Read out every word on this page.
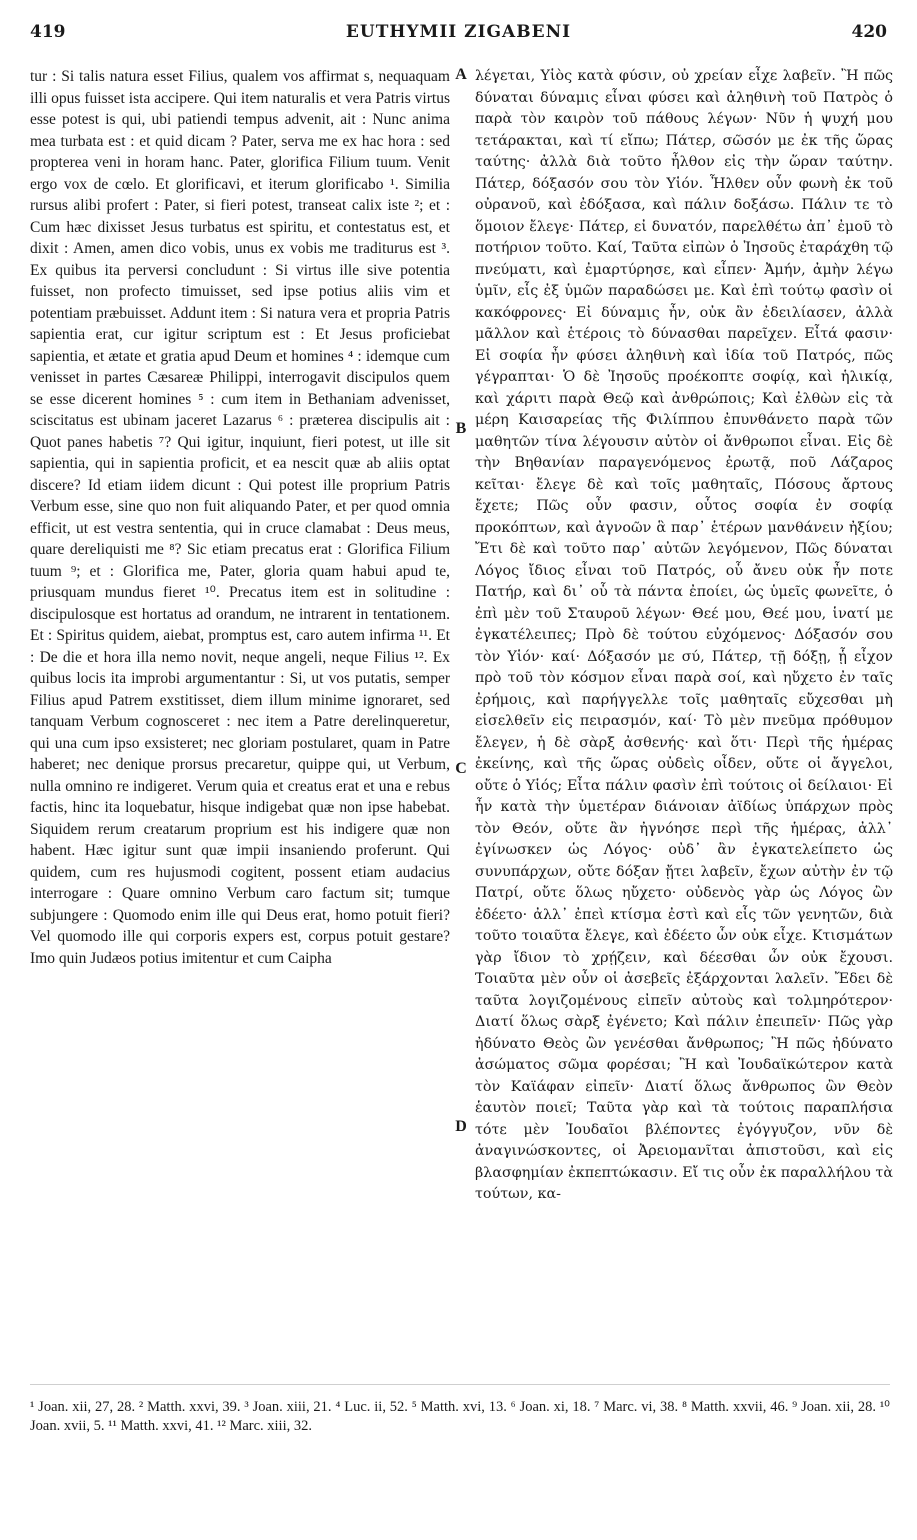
419	EUTHYMII ZIGABENI	420

tur : Si talis natura esset Filius, qualem vos affirmat s, nequaquam illi opus fuisset ista accipere. Qui item naturalis et vera Patris virtus esse potest is qui, ubi patiendi tempus advenit, ait : Nunc anima mea turbata est : et quid dicam ? Pater, serva me ex hac hora : sed propterea veni in horam hanc. Pater, glorifica Filium tuum. Venit ergo vox de cœlo. Et glorificavi, et iterum glorificabo ¹. Similia rursus alibi profert : Pater, si fieri potest, transeat calix iste ²; et : Cum hæc dixisset Jesus turbatus est spiritu, et contestatus est, et dixit : Amen, amen dico vobis, unus ex vobis me traditurus est ³. Ex quibus ita perversi concludunt : Si virtus ille sive potentia fuisset, non profecto timuisset, sed ipse potius aliis vim et potentiam præbuisset. Addunt item : Si natura vera et propria Patris sapientia erat, cur igitur scriptum est : Et Jesus proficiebat sapientia, et ætate et gratia apud Deum et homines ⁴ : idemque cum venisset in partes Cæsareæ Philippi, interrogavit discipulos quem se esse dicerent homines ⁵ : cum item in Bethaniam advenisset, sciscitatus est ubinam jaceret Lazarus ⁶ : præterea discipulis ait : Quot panes habetis ⁷? Qui igitur, inquiunt, fieri potest, ut ille sit sapientia, qui in sapientia proficit, et ea nescit quæ ab aliis optat discere? Id etiam iidem dicunt : Qui potest ille proprium Patris Verbum esse, sine quo non fuit aliquando Pater, et per quod omnia efficit, ut est vestra sententia, qui in cruce clamabat : Deus meus, quare dereliquisti me ⁸? Sic etiam precatus erat : Glorifica Filium tuum ⁹; et : Glorifica me, Pater, gloria quam habui apud te, priusquam mundus fieret ¹⁰. Precatus item est in solitudine : discipulosque est hortatus ad orandum, ne intrarent in tentationem. Et : Spiritus quidem, aiebat, promptus est, caro autem infirma ¹¹. Et : De die et hora illa nemo novit, neque angeli, neque Filius ¹². Ex quibus locis ita improbi argumentantur : Si, ut vos putatis, semper Filius apud Patrem exstitisset, diem illum minime ignoraret, sed tanquam Verbum cognosceret : nec item a Patre derelinqueretur, qui una cum ipso exsisteret; nec gloriam postularet, quam in Patre haberet; nec denique prorsus precaretur, quippe qui, ut Verbum, nulla omnino re indigeret. Verum quia et creatus erat et una e rebus factis, hinc ita loquebatur, hisque indigebat quæ non ipse habebat. Siquidem rerum creatarum proprium est his indigere quæ non habent. Hæc igitur sunt quæ impii insaniendo proferunt. Qui quidem, cum res hujusmodi cogitent, possent etiam audacius interrogare : Quare omnino Verbum caro factum sit; tumque subjungere : Quomodo enim ille qui Deus erat, homo potuit fieri? Vel quomodo ille qui corporis expers est, corpus potuit gestare? Imo quin Judæos potius imitentur et cum Caipha

A
B
C
D

λέγεται, Υἱὸς κατὰ φύσιν, οὐ χρείαν εἶχε λαβεῖν. Ἢ πῶς δύναται δύναμις εἶναι φύσει καὶ ἀληθινὴ τοῦ Πατρὸς ὁ παρὰ τὸν καιρὸν τοῦ πάθους λέγων· Νῦν ἡ ψυχή μου τετάρακται, καὶ τί εἴπω; Πάτερ, σῶσόν με ἐκ τῆς ὥρας ταύτης· ἀλλὰ διὰ τοῦτο ἦλθον εἰς τὴν ὥραν ταύτην. Πάτερ, δόξασόν σου τὸν Υἱόν. Ἦλθεν οὖν φωνὴ ἐκ τοῦ οὐρανοῦ, καὶ ἐδόξασα, καὶ πάλιν δοξάσω. Πάλιν τε τὸ ὅμοιον ἔλεγε· Πάτερ, εἰ δυνατόν, παρελθέτω ἀπ᾿ ἐμοῦ τὸ ποτήριον τοῦτο. Καί, Ταῦτα εἰπὼν ὁ Ἰησοῦς ἐταράχθη τῷ πνεύματι, καὶ ἐμαρτύρησε, καὶ εἶπεν· Ἀμήν, ἀμὴν λέγω ὑμῖν, εἷς ἐξ ὑμῶν παραδώσει με. Καὶ ἐπὶ τούτῳ φασὶν οἱ κακόφρονες· Εἰ δύναμις ἦν, οὐκ ἂν ἐδειλίασεν, ἀλλὰ μᾶλλον καὶ ἑτέροις τὸ δύνασθαι παρεῖχεν. Εἶτά φασιν· Εἰ σοφία ἦν φύσει ἀληθινὴ καὶ ἰδία τοῦ Πατρός, πῶς γέγραπται· Ὁ δὲ Ἰησοῦς προέκοπτε σοφίᾳ, καὶ ἡλικίᾳ, καὶ χάριτι παρὰ Θεῷ καὶ ἀνθρώποις; Καὶ ἐλθὼν εἰς τὰ μέρη Καισαρείας τῆς Φιλίππου ἐπυνθάνετο παρὰ τῶν μαθητῶν τίνα λέγουσιν αὐτὸν οἱ ἄνθρωποι εἶναι. Εἰς δὲ τὴν Βηθανίαν παραγενόμενος ἐρωτᾷ, ποῦ Λάζαρος κεῖται· ἔλεγε δὲ καὶ τοῖς μαθηταῖς, Πόσους ἄρτους ἔχετε; Πῶς οὖν φασιν, οὗτος σοφία ἐν σοφίᾳ προκόπτων, καὶ ἀγνοῶν ἃ παρ᾿ ἑτέρων μανθάνειν ἠξίου; Ἔτι δὲ καὶ τοῦτο παρ᾿ αὐτῶν λεγόμενον, Πῶς δύναται Λόγος ἴδιος εἶναι τοῦ Πατρός, οὗ ἄνευ οὐκ ἦν ποτε Πατήρ, καὶ δι᾿ οὗ τὰ πάντα ἐποίει, ὡς ὑμεῖς φωνεῖτε, ὁ ἐπὶ μὲν τοῦ Σταυροῦ λέγων· Θεέ μου, Θεέ μου, ἱνατί με ἐγκατέλειπες; Πρὸ δὲ τούτου εὐχόμενος· Δόξασόν σου τὸν Υἱόν· καί· Δόξασόν με σύ, Πάτερ, τῇ δόξῃ, ᾗ εἶχον πρὸ τοῦ τὸν κόσμον εἶναι παρὰ σοί, καὶ ηὔχετο ἐν ταῖς ἐρήμοις, καὶ παρήγγελλε τοῖς μαθηταῖς εὔχεσθαι μὴ εἰσελθεῖν εἰς πειρασμόν, καί· Τὸ μὲν πνεῦμα πρόθυμον ἔλεγεν, ἡ δὲ σὰρξ ἀσθενής· καὶ ὅτι· Περὶ τῆς ἡμέρας ἐκείνης, καὶ τῆς ὥρας οὐδεὶς οἶδεν, οὔτε οἱ ἄγγελοι, οὔτε ὁ Υἱός; Εἶτα πάλιν φασὶν ἐπὶ τούτοις οἱ δείλαιοι· Εἰ ἦν κατὰ τὴν ὑμετέραν διάνοιαν ἀϊδίως ὑπάρχων πρὸς τὸν Θεόν, οὔτε ἂν ἠγνόησε περὶ τῆς ἡμέρας, ἀλλ᾿ ἐγίνωσκεν ὡς Λόγος· οὐδ᾿ ἂν ἐγκατελείπετο ὡς συνυπάρχων, οὔτε δόξαν ᾔτει λαβεῖν, ἔχων αὐτὴν ἐν τῷ Πατρί, οὔτε ὅλως ηὔχετο· οὐδενὸς γὰρ ὡς Λόγος ὢν ἐδέετο· ἀλλ᾿ ἐπεὶ κτίσμα ἐστὶ καὶ εἷς τῶν γενητῶν, διὰ τοῦτο τοιαῦτα ἔλεγε, καὶ ἐδέετο ὧν οὐκ εἶχε. Κτισμάτων γὰρ ἴδιον τὸ χρῄζειν, καὶ δέεσθαι ὧν οὐκ ἔχουσι. Τοιαῦτα μὲν οὖν οἱ ἀσεβεῖς ἐξάρχονται λαλεῖν. Ἔδει δὲ ταῦτα λογιζομένους εἰπεῖν αὐτοὺς καὶ τολμηρότερον· Διατί ὅλως σὰρξ ἐγένετο; Καὶ πάλιν ἐπειπεῖν· Πῶς γὰρ ἠδύνατο Θεὸς ὢν γενέσθαι ἄνθρωπος; Ἢ πῶς ἠδύνατο ἀσώματος σῶμα φορέσαι; Ἢ καὶ Ἰουδαϊκώτερον κατὰ τὸν Καϊάφαν εἰπεῖν· Διατί ὅλως ἄνθρωπος ὢν Θεὸν ἑαυτὸν ποιεῖ; Ταῦτα γὰρ καὶ τὰ τούτοις παραπλήσια τότε μὲν Ἰουδαῖοι βλέποντες ἐγόγγυζον, νῦν δὲ ἀναγινώσκοντες, οἱ Ἀρειομανῖται ἀπιστοῦσι, καὶ εἰς βλασφημίαν ἐκπεπτώκασιν. Εἴ τις οὖν ἐκ παραλλήλου τὰ τούτων, κα-

¹ Joan. xii, 27, 28. ² Matth. xxvi, 39. ³ Joan. xiii, 21. ⁴ Luc. ii, 52. ⁵ Matth. xvi, 13. ⁶ Joan. xi, 18. ⁷ Marc. vi, 38. ⁸ Matth. xxvii, 46. ⁹ Joan. xii, 28. ¹⁰ Joan. xvii, 5. ¹¹ Matth. xxvi, 41. ¹² Marc. xiii, 32.
